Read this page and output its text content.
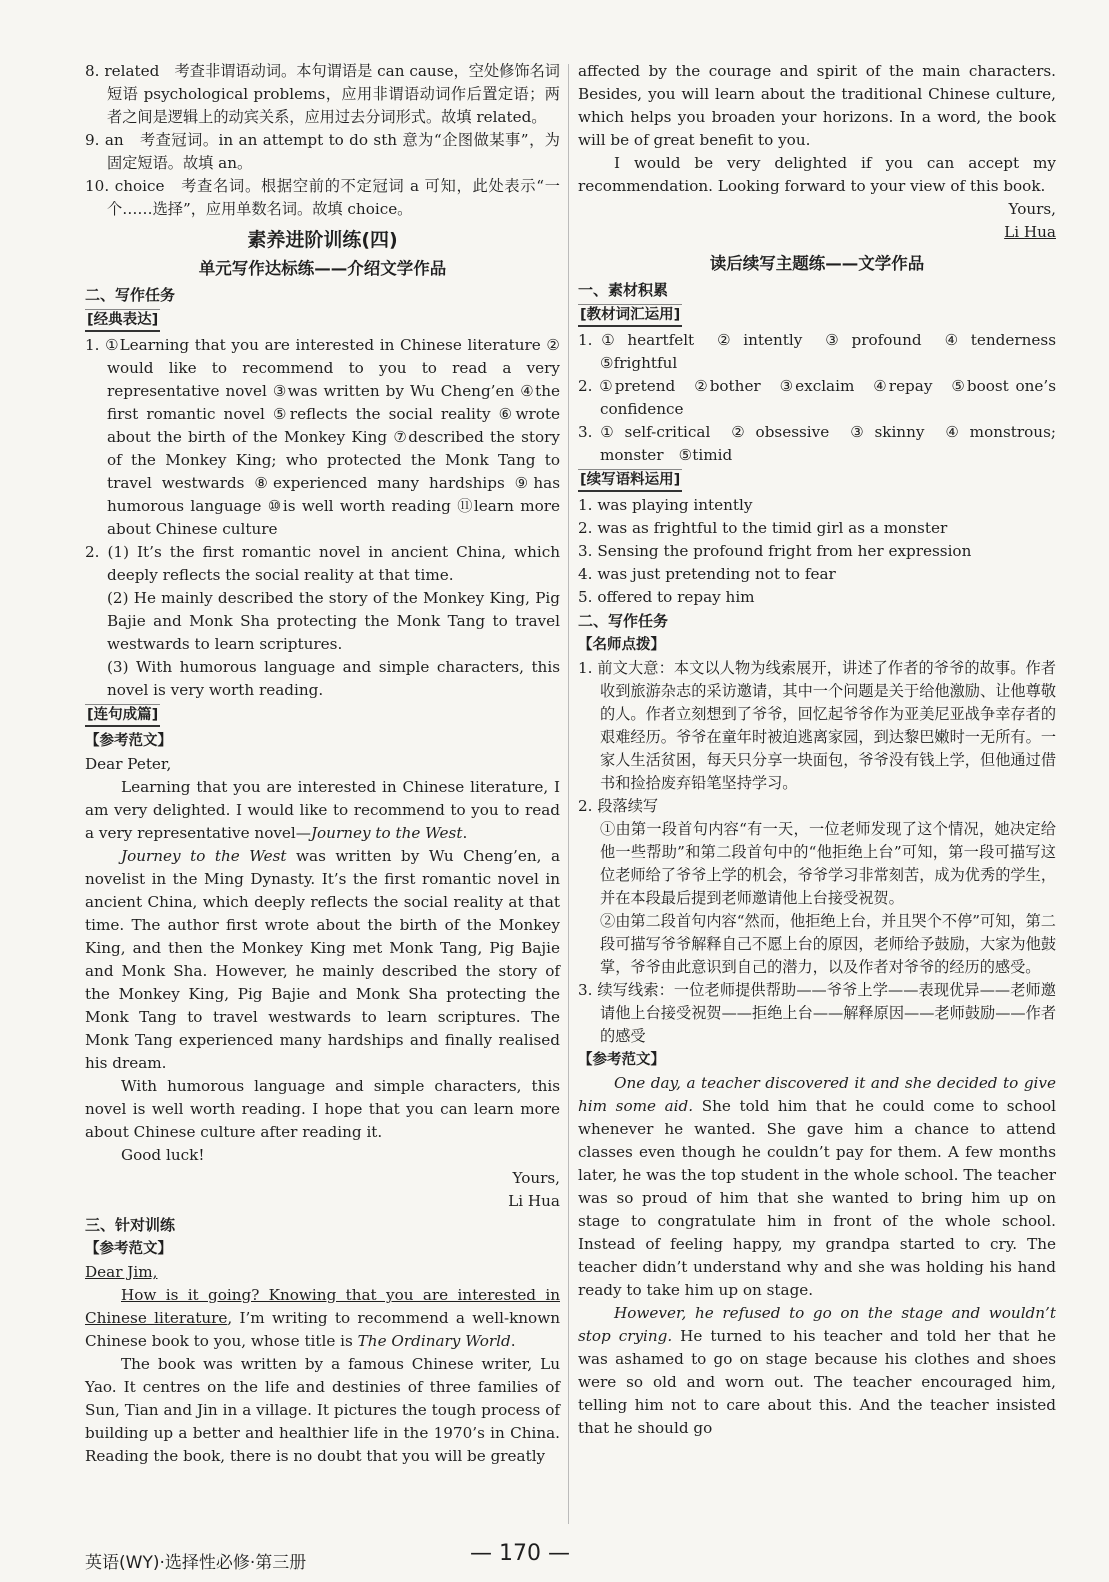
8. related　考查非谓语动词。本句谓语是 can cause，空处修饰名词短语 psychological problems，应用非谓语动词作后置定语；两者之间是逻辑上的动宾关系，应用过去分词形式。故填 related。

9. an　考查冠词。in an attempt to do sth 意为“企图做某事”，为固定短语。故填 an。

10. choice　考查名词。根据空前的不定冠词 a 可知，此处表示“一个……选择”，应用单数名词。故填 choice。

素养进阶训练(四)
单元写作达标练——介绍文学作品
二、写作任务
[经典表达]

1. ①Learning that you are interested in Chinese literature ② would like to recommend to you to read a very representative novel ③was written by Wu Cheng’en ④the first romantic novel ⑤reflects the social reality ⑥wrote about the birth of the Monkey King ⑦described the story of the Monkey King; who protected the Monk Tang to travel westwards ⑧experienced many hardships ⑨has humorous language ⑩is well worth reading ⑪learn more about Chinese culture

2. (1) It’s the first romantic novel in ancient China, which deeply reflects the social reality at that time.

(2) He mainly described the story of the Monkey King, Pig Bajie and Monk Sha protecting the Monk Tang to travel westwards to learn scriptures.

(3) With humorous language and simple characters, this novel is very worth reading.

[连句成篇]
【参考范文】

Dear Peter,

Learning that you are interested in Chinese literature, I am very delighted. I would like to recommend to you to read a very representative novel—Journey to the West.

Journey to the West was written by Wu Cheng’en, a novelist in the Ming Dynasty. It’s the first romantic novel in ancient China, which deeply reflects the social reality at that time. The author first wrote about the birth of the Monkey King, and then the Monkey King met Monk Tang, Pig Bajie and Monk Sha. However, he mainly described the story of the Monkey King, Pig Bajie and Monk Sha protecting the Monk Tang to travel westwards to learn scriptures. The Monk Tang experienced many hardships and finally realised his dream.

With humorous language and simple characters, this novel is well worth reading. I hope that you can learn more about Chinese culture after reading it.

Good luck!

Yours,

Li Hua

三、针对训练
【参考范文】

Dear Jim,

How is it going? Knowing that you are interested in Chinese literature, I’m writing to recommend a well-known Chinese book to you, whose title is The Ordinary World.

The book was written by a famous Chinese writer, Lu Yao. It centres on the life and destinies of three families of Sun, Tian and Jin in a village. It pictures the tough process of building up a better and healthier life in the 1970’s in China. Reading the book, there is no doubt that you will be greatly

affected by the courage and spirit of the main characters. Besides, you will learn about the traditional Chinese culture, which helps you broaden your horizons. In a word, the book will be of great benefit to you.

I would be very delighted if you can accept my recommendation. Looking forward to your view of this book.

Yours,

Li Hua

读后续写主题练——文学作品
一、素材积累
[教材词汇运用]

1. ① heartfelt　② intently　③ profound　④ tenderness ⑤frightful

2. ①pretend　②bother　③exclaim　④repay　⑤boost one’s confidence

3. ① self-critical　② obsessive　③ skinny　④ monstrous; monster　⑤timid

[续写语料运用]

1. was playing intently

2. was as frightful to the timid girl as a monster

3. Sensing the profound fright from her expression

4. was just pretending not to fear

5. offered to repay him

二、写作任务
【名师点拨】

1. 前文大意：本文以人物为线索展开，讲述了作者的爷爷的故事。作者收到旅游杂志的采访邀请，其中一个问题是关于给他激励、让他尊敬的人。作者立刻想到了爷爷，回忆起爷爷作为亚美尼亚战争幸存者的艰难经历。爷爷在童年时被迫逃离家园，到达黎巴嫩时一无所有。一家人生活贫困，每天只分享一块面包，爷爷没有钱上学，但他通过借书和捡拾废弃铅笔坚持学习。

2. 段落续写

①由第一段首句内容“有一天，一位老师发现了这个情况，她决定给他一些帮助”和第二段首句中的“他拒绝上台”可知，第一段可描写这位老师给了爷爷上学的机会，爷爷学习非常刻苦，成为优秀的学生，并在本段最后提到老师邀请他上台接受祝贺。

②由第二段首句内容“然而，他拒绝上台，并且哭个不停”可知，第二段可描写爷爷解释自己不愿上台的原因，老师给予鼓励，大家为他鼓掌，爷爷由此意识到自己的潜力，以及作者对爷爷的经历的感受。

3. 续写线索：一位老师提供帮助——爷爷上学——表现优异——老师邀请他上台接受祝贺——拒绝上台——解释原因——老师鼓励——作者的感受

【参考范文】

One day, a teacher discovered it and she decided to give him some aid. She told him that he could come to school whenever he wanted. She gave him a chance to attend classes even though he couldn’t pay for them. A few months later, he was the top student in the whole school. The teacher was so proud of him that she wanted to bring him up on stage to congratulate him in front of the whole school. Instead of feeling happy, my grandpa started to cry. The teacher didn’t understand why and she was holding his hand ready to take him up on stage.

However, he refused to go on the stage and wouldn’t stop crying. He turned to his teacher and told her that he was ashamed to go on stage because his clothes and shoes were so old and worn out. The teacher encouraged him, telling him not to care about this. And the teacher insisted that he should go

英语(WY)·选择性必修·第三册	— 170 —
